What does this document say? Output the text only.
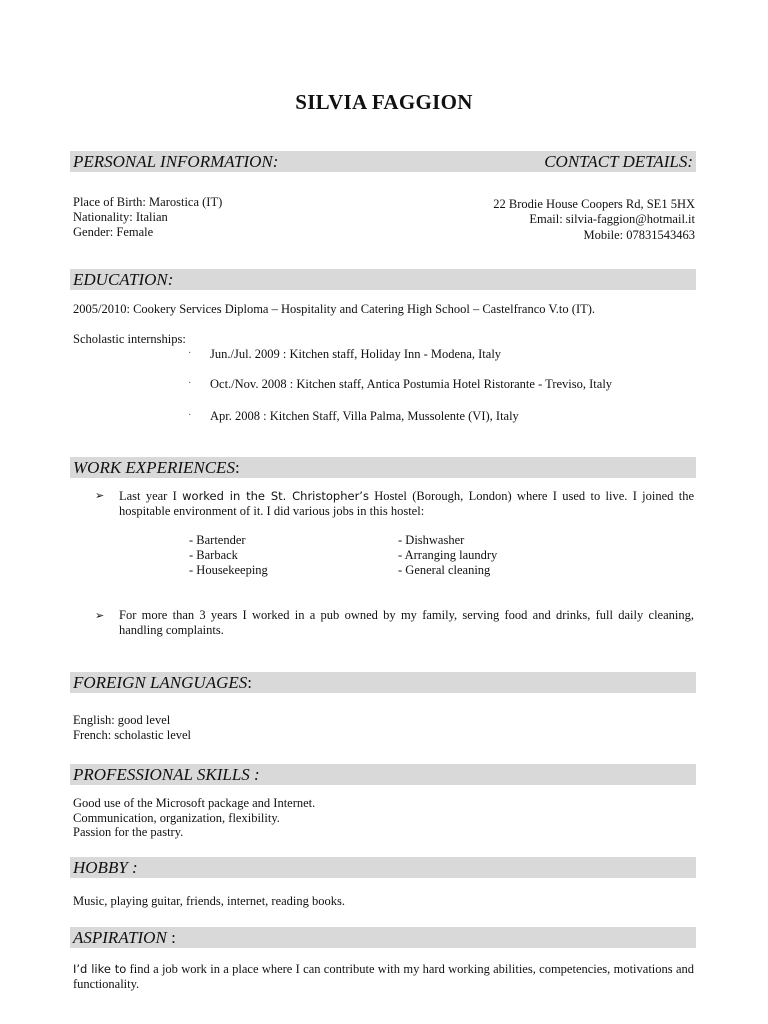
SILVIA FAGGION
PERSONAL INFORMATION:	CONTACT DETAILS:
Place of Birth: Marostica (IT)
Nationality: Italian
Gender: Female
22 Brodie House Coopers Rd, SE1 5HX
Email: silvia-faggion@hotmail.it
Mobile: 07831543463
EDUCATION:
2005/2010: Cookery Services Diploma – Hospitality and Catering High School – Castelfranco V.to (IT).
Scholastic internships:
· Jun./Jul. 2009 : Kitchen staff, Holiday Inn - Modena, Italy
· Oct./Nov. 2008 : Kitchen staff, Antica Postumia Hotel Ristorante - Treviso, Italy
· Apr. 2008 : Kitchen Staff, Villa Palma, Mussolente (VI), Italy
WORK EXPERIENCES:
➢ Last year I worked in the St. Christopher’s Hostel (Borough, London) where I used to live. I joined the hospitable environment of it. I did various jobs in this hostel:
- Bartender
- Barback
- Housekeeping
- Dishwasher
- Arranging laundry
- General cleaning
➢ For more than 3 years I worked in a pub owned by my family, serving food and drinks, full daily cleaning, handling complaints.
FOREIGN LANGUAGES:
English: good level
French: scholastic level
PROFESSIONAL SKILLS :
Good use of the Microsoft package and Internet.
Communication, organization, flexibility.
Passion for the pastry.
HOBBY :
Music, playing guitar, friends, internet, reading books.
ASPIRATION :
I’d like to find a job work in a place where I can contribute with my hard working abilities, competencies, motivations and functionality.
